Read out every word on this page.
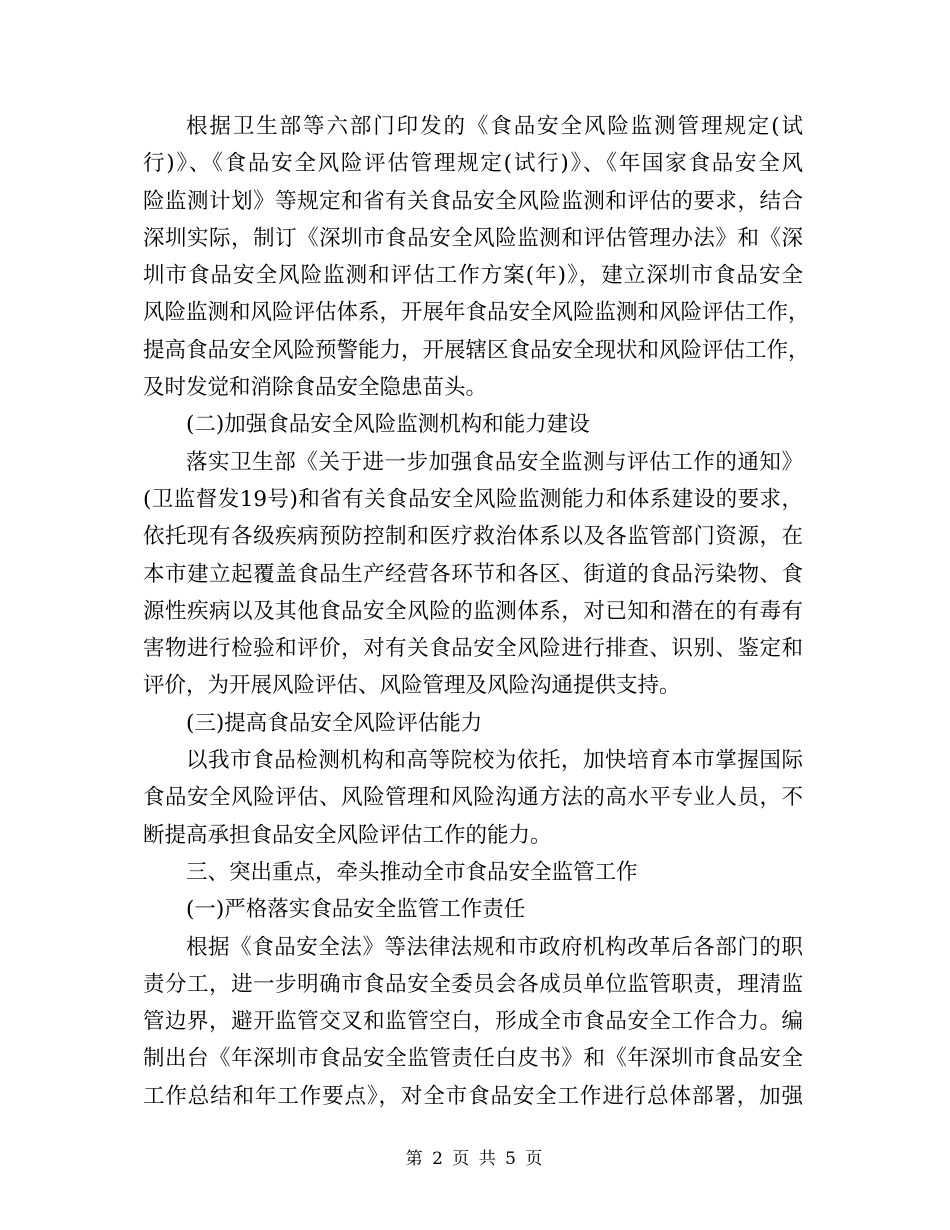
根据卫生部等六部门印发的《食品安全风险监测管理规定(试
行)》、《食品安全风险评估管理规定(试行)》、《年国家食品安全风
险监测计划》等规定和省有关食品安全风险监测和评估的要求，结合
深圳实际，制订《深圳市食品安全风险监测和评估管理办法》和《深
圳市食品安全风险监测和评估工作方案(年)》，建立深圳市食品安全
风险监测和风险评估体系，开展年食品安全风险监测和风险评估工作，
提高食品安全风险预警能力，开展辖区食品安全现状和风险评估工作，
及时发觉和消除食品安全隐患苗头。
(二)加强食品安全风险监测机构和能力建设
落实卫生部《关于进一步加强食品安全监测与评估工作的通知》
(卫监督发19号)和省有关食品安全风险监测能力和体系建设的要求，
依托现有各级疾病预防控制和医疗救治体系以及各监管部门资源，在
本市建立起覆盖食品生产经营各环节和各区、街道的食品污染物、食
源性疾病以及其他食品安全风险的监测体系，对已知和潜在的有毒有
害物进行检验和评价，对有关食品安全风险进行排查、识别、鉴定和
评价，为开展风险评估、风险管理及风险沟通提供支持。
(三)提高食品安全风险评估能力
以我市食品检测机构和高等院校为依托，加快培育本市掌握国际
食品安全风险评估、风险管理和风险沟通方法的高水平专业人员，不
断提高承担食品安全风险评估工作的能力。
三、突出重点，牵头推动全市食品安全监管工作
(一)严格落实食品安全监管工作责任
根据《食品安全法》等法律法规和市政府机构改革后各部门的职
责分工，进一步明确市食品安全委员会各成员单位监管职责，理清监
管边界，避开监管交叉和监管空白，形成全市食品安全工作合力。编
制出台《年深圳市食品安全监管责任白皮书》和《年深圳市食品安全
工作总结和年工作要点》，对全市食品安全工作进行总体部署，加强
第 2 页 共 5 页
